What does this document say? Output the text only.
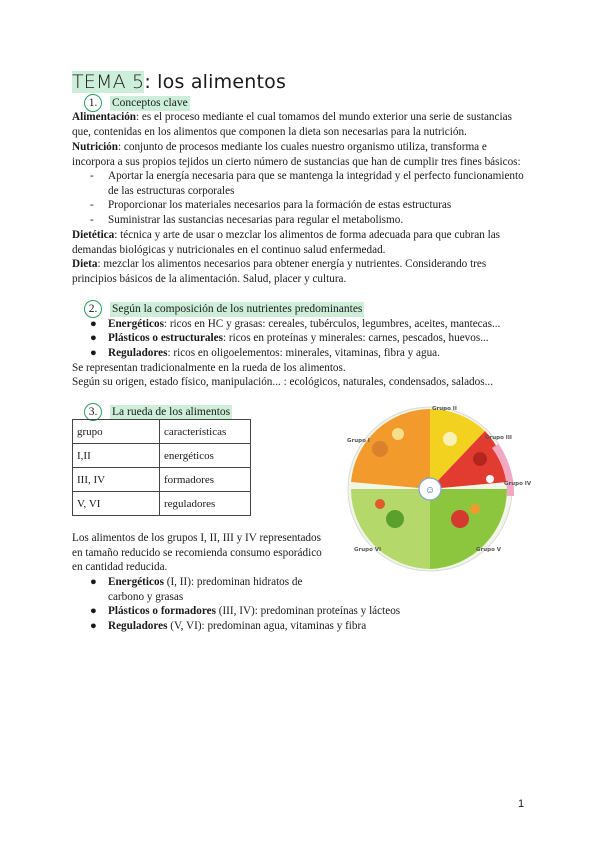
TEMA 5: los alimentos
1.	Conceptos clave
Alimentación: es el proceso mediante el cual tomamos del mundo exterior una serie de sustancias que, contenidas en los alimentos que componen la dieta son necesarias para la nutrición.
Nutrición: conjunto de procesos mediante los cuales nuestro organismo utiliza, transforma e incorpora a sus propios tejidos un cierto número de sustancias que han de cumplir tres fines básicos:
-	Aportar la energía necesaria para que se mantenga la integridad y el perfecto funcionamiento de las estructuras corporales
-	Proporcionar los materiales necesarios para la formación de estas estructuras
-	Suministrar las sustancias necesarias para regular el metabolismo.
Dietética: técnica y arte de usar o mezclar los alimentos de forma adecuada para que cubran las demandas biológicas y nutricionales en el continuo salud enfermedad.
Dieta: mezclar los alimentos necesarios para obtener energía y nutrientes. Considerando tres principios básicos de la alimentación. Salud, placer y cultura.
2.	Según la composición de los nutrientes predominantes
●	Energéticos: ricos en HC y grasas: cereales, tubérculos, legumbres, aceites, mantecas...
●	Plásticos o estructurales: ricos en proteínas y minerales: carnes, pescados, huevos...
●	Reguladores: ricos en oligoelementos: minerales, vitaminas, fibra y agua.
Se representan tradicionalmente en la rueda de los alimentos.
Según su origen, estado físico, manipulación... : ecológicos, naturales, condensados, salados...
3.	La rueda de los alimentos
grupo	características
I,II	energéticos
III, IV	formadores
V, VI	reguladores
☺
Grupo I
Grupo II
Grupo III
Grupo IV
Grupo V
Grupo VI
Los alimentos de los grupos I, II, III y IV representados en tamaño reducido se recomienda consumo esporádico en cantidad reducida.
●	Energéticos (I, II): predominan hidratos de carbono y grasas
●	Plásticos o formadores (III, IV): predominan proteínas y lácteos
●	Reguladores (V, VI): predominan agua, vitaminas y fibra
1
